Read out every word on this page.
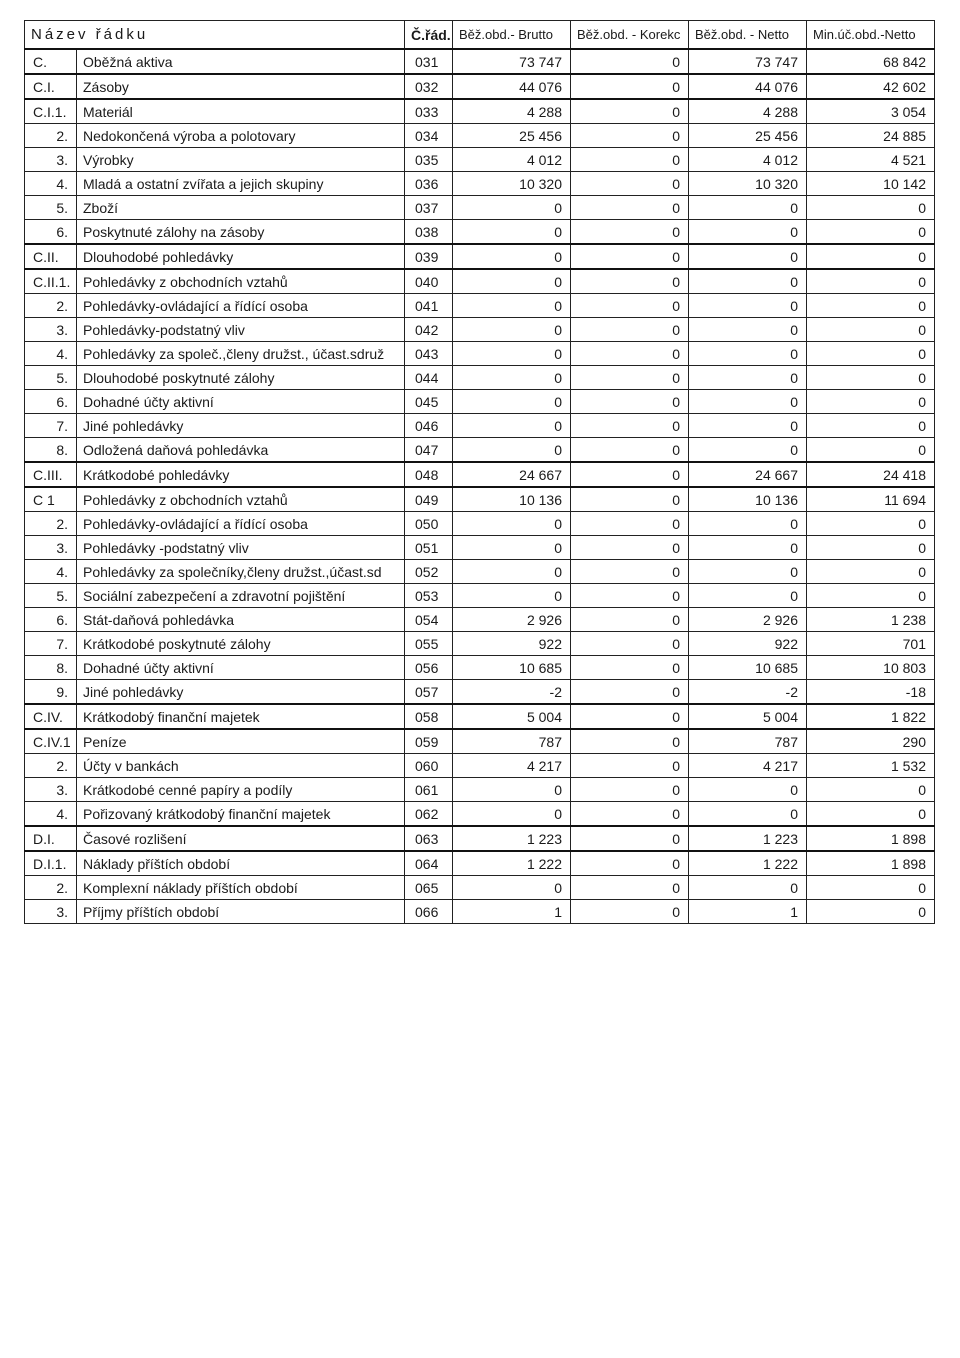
Název řádku		Č.řád.	Běž.obd.- Brutto	Běž.obd. - Korekc	Běž.obd. - Netto	Min.úč.obd.-Netto
C.	Oběžná aktiva	031	73 747	0	73 747	68 842
C.I.	Zásoby	032	44 076	0	44 076	42 602
C.I.1.	Materiál	033	4 288	0	4 288	3 054
2.	Nedokončená výroba a polotovary	034	25 456	0	25 456	24 885
3.	Výrobky	035	4 012	0	4 012	4 521
4.	Mladá a ostatní zvířata a jejich skupiny	036	10 320	0	10 320	10 142
5.	Zboží	037	0	0	0	0
6.	Poskytnuté zálohy na zásoby	038	0	0	0	0
C.II.	Dlouhodobé pohledávky	039	0	0	0	0
C.II.1.	Pohledávky z obchodních vztahů	040	0	0	0	0
2.	Pohledávky-ovládající a řídící osoba	041	0	0	0	0
3.	Pohledávky-podstatný vliv	042	0	0	0	0
4.	Pohledávky za společ.,členy družst., účast.sdruž	043	0	0	0	0
5.	Dlouhodobé poskytnuté zálohy	044	0	0	0	0
6.	Dohadné účty aktivní	045	0	0	0	0
7.	Jiné pohledávky	046	0	0	0	0
8.	Odložená daňová pohledávka	047	0	0	0	0
C.III.	Krátkodobé pohledávky	048	24 667	0	24 667	24 418
C 1	Pohledávky z obchodních vztahů	049	10 136	0	10 136	11 694
2.	Pohledávky-ovládající a řídící osoba	050	0	0	0	0
3.	Pohledávky -podstatný vliv	051	0	0	0	0
4.	Pohledávky za společníky,členy družst.,účast.sd	052	0	0	0	0
5.	Sociální zabezpečení a zdravotní pojištění	053	0	0	0	0
6.	Stát-daňová pohledávka	054	2 926	0	2 926	1 238
7.	Krátkodobé poskytnuté zálohy	055	922	0	922	701
8.	Dohadné účty aktivní	056	10 685	0	10 685	10 803
9.	Jiné pohledávky	057	-2	0	-2	-18
C.IV.	Krátkodobý finanční majetek	058	5 004	0	5 004	1 822
C.IV.1	Peníze	059	787	0	787	290
2.	Účty v bankách	060	4 217	0	4 217	1 532
3.	Krátkodobé cenné papíry a podíly	061	0	0	0	0
4.	Pořizovaný krátkodobý finanční majetek	062	0	0	0	0
D.I.	Časové rozlišení	063	1 223	0	1 223	1 898
D.I.1.	Náklady příštích období	064	1 222	0	1 222	1 898
2.	Komplexní náklady příštích období	065	0	0	0	0
3.	Příjmy příštích období	066	1	0	1	0
